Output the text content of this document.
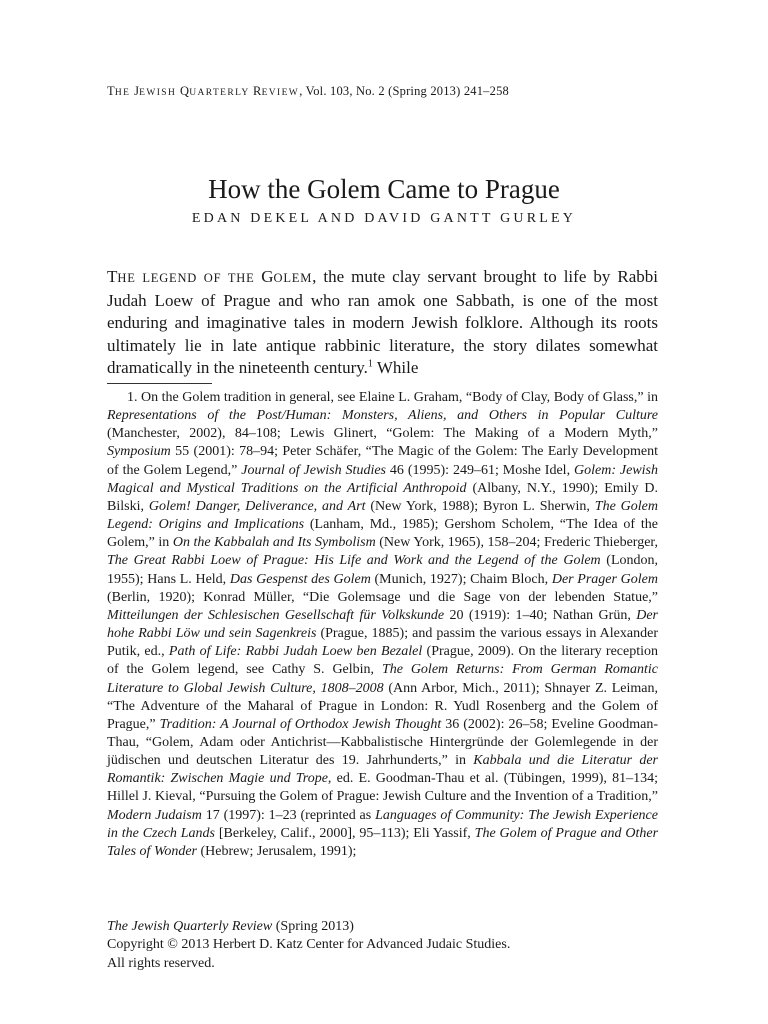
THE JEWISH QUARTERLY REVIEW, Vol. 103, No. 2 (Spring 2013) 241–258
How the Golem Came to Prague
EDAN DEKEL AND DAVID GANTT GURLEY

THE LEGEND OF THE GOLEM, the mute clay servant brought to life by Rabbi Judah Loew of Prague and who ran amok one Sabbath, is one of the most enduring and imaginative tales in modern Jewish folklore. Although its roots ultimately lie in late antique rabbinic literature, the story dilates somewhat dramatically in the nineteenth century.$^1$ While

1. On the Golem tradition in general, see Elaine L. Graham, “Body of Clay, Body of Glass,” in Representations of the Post/Human: Monsters, Aliens, and Others in Popular Culture (Manchester, 2002), 84–108; Lewis Glinert, “Golem: The Making of a Modern Myth,” Symposium 55 (2001): 78–94; Peter Schäfer, “The Magic of the Golem: The Early Development of the Golem Legend,” Journal of Jewish Studies 46 (1995): 249–61; Moshe Idel, Golem: Jewish Magical and Mystical Traditions on the Artificial Anthropoid (Albany, N.Y., 1990); Emily D. Bilski, Golem! Danger, Deliverance, and Art (New York, 1988); Byron L. Sherwin, The Golem Legend: Origins and Implications (Lanham, Md., 1985); Gershom Scholem, “The Idea of the Golem,” in On the Kabbalah and Its Symbolism (New York, 1965), 158–204; Frederic Thieberger, The Great Rabbi Loew of Prague: His Life and Work and the Legend of the Golem (London, 1955); Hans L. Held, Das Gespenst des Golem (Munich, 1927); Chaim Bloch, Der Prager Golem (Berlin, 1920); Konrad Müller, “Die Golemsage und die Sage von der lebenden Statue,” Mitteilungen der Schlesischen Gesellschaft für Volkskunde 20 (1919): 1–40; Nathan Grün, Der hohe Rabbi Löw und sein Sagenkreis (Prague, 1885); and passim the various essays in Alexander Putik, ed., Path of Life: Rabbi Judah Loew ben Bezalel (Prague, 2009). On the literary reception of the Golem legend, see Cathy S. Gelbin, The Golem Returns: From German Romantic Literature to Global Jewish Culture, 1808–2008 (Ann Arbor, Mich., 2011); Shnayer Z. Leiman, “The Adventure of the Maharal of Prague in London: R. Yudl Rosenberg and the Golem of Prague,” Tradition: A Journal of Orthodox Jewish Thought 36 (2002): 26–58; Eveline Goodman-Thau, “Golem, Adam oder Antichrist—Kabbalistische Hintergründe der Golemlegende in der jüdischen und deutschen Literatur des 19. Jahrhunderts,” in Kabbala und die Literatur der Romantik: Zwischen Magie und Trope, ed. E. Goodman-Thau et al. (Tübingen, 1999), 81–134; Hillel J. Kieval, “Pursuing the Golem of Prague: Jewish Culture and the Invention of a Tradition,” Modern Judaism 17 (1997): 1–23 (reprinted as Languages of Community: The Jewish Experience in the Czech Lands [Berkeley, Calif., 2000], 95–113); Eli Yassif, The Golem of Prague and Other Tales of Wonder (Hebrew; Jerusalem, 1991);

The Jewish Quarterly Review (Spring 2013)
Copyright © 2013 Herbert D. Katz Center for Advanced Judaic Studies.
All rights reserved.
